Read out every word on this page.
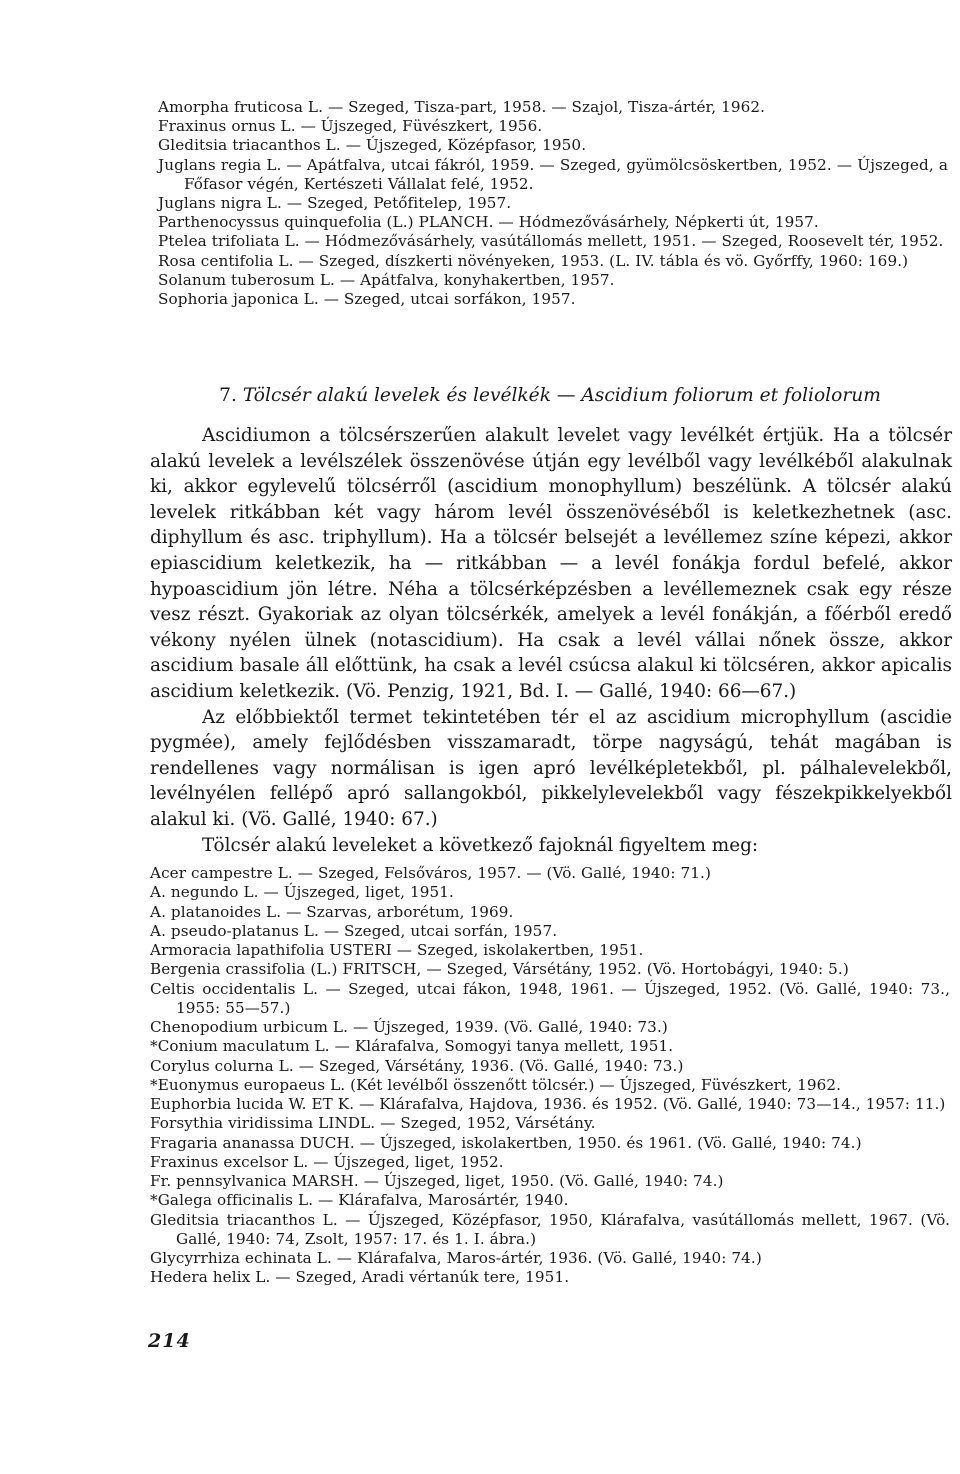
Amorpha fruticosa L. — Szeged, Tisza-part, 1958. — Szajol, Tisza-ártér, 1962.

Fraxinus ornus L. — Újszeged, Füvészkert, 1956.

Gleditsia triacanthos L. — Újszeged, Középfasor, 1950.

Juglans regia L. — Apátfalva, utcai fákról, 1959. — Szeged, gyümölcsöskertben, 1952. — Újszeged, a Főfasor végén, Kertészeti Vállalat felé, 1952.

Juglans nigra L. — Szeged, Petőfitelep, 1957.

Parthenocyssus quinquefolia (L.) PLANCH. — Hódmezővásárhely, Népkerti út, 1957.

Ptelea trifoliata L. — Hódmezővásárhely, vasútállomás mellett, 1951. — Szeged, Roosevelt tér, 1952.

Rosa centifolia L. — Szeged, díszkerti növényeken, 1953. (L. IV. tábla és vö. Győrffy, 1960: 169.)

Solanum tuberosum L. — Apátfalva, konyhakertben, 1957.

Sophoria japonica L. — Szeged, utcai sorfákon, 1957.

7. Tölcsér alakú levelek és levélkék — Ascidium foliorum et foliolorum

Ascidiumon a tölcsérszerűen alakult levelet vagy levélkét értjük. Ha a tölcsér alakú levelek a levélszélek összenövése útján egy levélből vagy levélkéből alakulnak ki, akkor egylevelű tölcsérről (ascidium monophyllum) beszélünk. A tölcsér alakú levelek ritkábban két vagy három levél összenövéséből is keletkezhetnek (asc. diphyllum és asc. triphyllum). Ha a tölcsér belsejét a levéllemez színe képezi, akkor epiascidium keletkezik, ha — ritkábban — a levél fonákja fordul befelé, akkor hypoascidium jön létre. Néha a tölcsérképzésben a levéllemeznek csak egy része vesz részt. Gyakoriak az olyan tölcsérkék, amelyek a levél fonákján, a főérből eredő vékony nyélen ülnek (notascidium). Ha csak a levél vállai nőnek össze, akkor ascidium basale áll előttünk, ha csak a levél csúcsa alakul ki tölcséren, akkor apicalis ascidium keletkezik. (Vö. Penzig, 1921, Bd. I. — Gallé, 1940: 66—67.)

Az előbbiektől termet tekintetében tér el az ascidium microphyllum (ascidie pygmée), amely fejlődésben visszamaradt, törpe nagyságú, tehát magában is rendellenes vagy normálisan is igen apró levélképletekből, pl. pálhalevelekből, levélnyélen fellépő apró sallangokból, pikkelylevelekből vagy fészekpikkelyekből alakul ki. (Vö. Gallé, 1940: 67.)

Tölcsér alakú leveleket a következő fajoknál figyeltem meg:

Acer campestre L. — Szeged, Felsőváros, 1957. — (Vö. Gallé, 1940: 71.)

A. negundo L. — Újszeged, liget, 1951.

A. platanoides L. — Szarvas, arborétum, 1969.

A. pseudo-platanus L. — Szeged, utcai sorfán, 1957.

Armoracia lapathifolia USTERI — Szeged, iskolakertben, 1951.

Bergenia crassifolia (L.) FRITSCH, — Szeged, Vársétány, 1952. (Vö. Hortobágyi, 1940: 5.)

Celtis occidentalis L. — Szeged, utcai fákon, 1948, 1961. — Újszeged, 1952. (Vö. Gallé, 1940: 73., 1955: 55—57.)

Chenopodium urbicum L. — Újszeged, 1939. (Vö. Gallé, 1940: 73.)

*Conium maculatum L. — Klárafalva, Somogyi tanya mellett, 1951.

Corylus colurna L. — Szeged, Vársétány, 1936. (Vö. Gallé, 1940: 73.)

*Euonymus europaeus L. (Két levélből összenőtt tölcsér.) — Újszeged, Füvészkert, 1962.

Euphorbia lucida W. ET K. — Klárafalva, Hajdova, 1936. és 1952. (Vö. Gallé, 1940: 73—14., 1957: 11.)

Forsythia viridissima LINDL. — Szeged, 1952, Vársétány.

Fragaria ananassa DUCH. — Újszeged, iskolakertben, 1950. és 1961. (Vö. Gallé, 1940: 74.)

Fraxinus excelsor L. — Újszeged, liget, 1952.

Fr. pennsylvanica MARSH. — Újszeged, liget, 1950. (Vö. Gallé, 1940: 74.)

*Galega officinalis L. — Klárafalva, Marosártér, 1940.

Gleditsia triacanthos L. — Újszeged, Középfasor, 1950, Klárafalva, vasútállomás mellett, 1967. (Vö. Gallé, 1940: 74, Zsolt, 1957: 17. és 1. I. ábra.)

Glycyrrhiza echinata L. — Klárafalva, Maros-ártér, 1936. (Vö. Gallé, 1940: 74.)

Hedera helix L. — Szeged, Aradi vértanúk tere, 1951.

214
